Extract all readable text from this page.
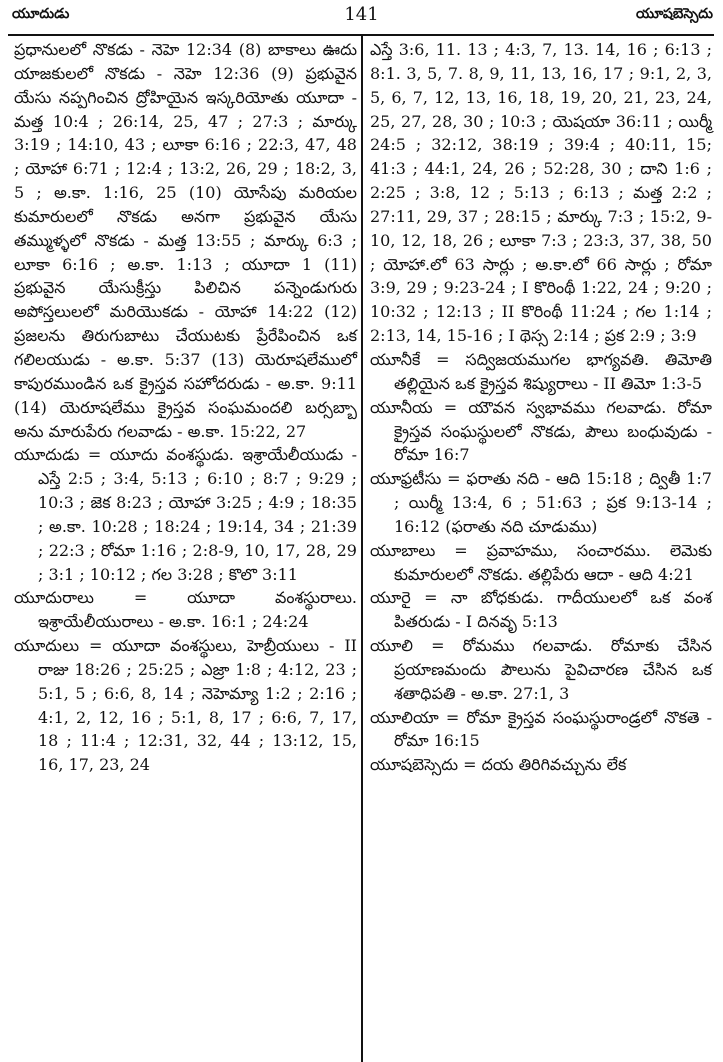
యూదుడు	141	యూషబెస్సెదు

ప్రధానులలో నొకడు - నెహె 12:34 (8) బాకాలు ఊదు యాజకులలో నొకడు - నెహె 12:36 (9) ప్రభువైన యేసు నప్పగించిన ద్రోహియైన ఇస్కరియోతు యూదా - మత్త 10:4 ; 26:14, 25, 47 ; 27:3 ; మార్కు 3:19 ; 14:10, 43 ; లూకా 6:16 ; 22:3, 47, 48 ; యోహా 6:71 ; 12:4 ; 13:2, 26, 29 ; 18:2, 3, 5 ; అ.కా. 1:16, 25 (10) యోసేపు మరియల కుమారులలో నొకడు అనగా ప్రభువైన యేసు తమ్ముళ్ళలో నొకడు - మత్త 13:55 ; మార్కు 6:3 ; లూకా 6:16 ; అ.కా. 1:13 ; యూదా 1 (11) ప్రభువైన యేసుక్రీస్తు పిలిచిన పన్నెండుగురు అపోస్తలులలో మరియొకడు - యోహా 14:22 (12) ప్రజలను తిరుగుబాటు చేయుటకు ప్రేరేపించిన ఒక గలిలయుడు - అ.కా. 5:37 (13) యెరూషలేములో కాపురముండిన ఒక క్రైస్తవ సహోదరుడు - అ.కా. 9:11 (14) యెరూషలేము క్రైస్తవ సంఘమందలి బర్సబ్బా అను మారుపేరు గలవాడు - అ.కా. 15:22, 27

యూదుడు = యూదు వంశస్థుడు. ఇశ్రాయేలీయుడు - ఎస్తే 2:5 ; 3:4, 5:13 ; 6:10 ; 8:7 ; 9:29 ; 10:3 ; జెక 8:23 ; యోహా 3:25 ; 4:9 ; 18:35 ; అ.కా. 10:28 ; 18:24 ; 19:14, 34 ; 21:39 ; 22:3 ; రోమా 1:16 ; 2:8-9, 10, 17, 28, 29 ; 3:1 ; 10:12 ; గల 3:28 ; కొలొ 3:11

యూదురాలు = యూదా వంశస్థురాలు. ఇశ్రాయేలీయురాలు - అ.కా. 16:1 ; 24:24

యూదులు = యూదా వంశస్థులు, హెబ్రీయులు - II రాజు 18:26 ; 25:25 ; ఎజ్రా 1:8 ; 4:12, 23 ; 5:1, 5 ; 6:6, 8, 14 ; నెహెమ్యా 1:2 ; 2:16 ; 4:1, 2, 12, 16 ; 5:1, 8, 17 ; 6:6, 7, 17, 18 ; 11:4 ; 12:31, 32, 44 ; 13:12, 15, 16, 17, 23, 24

ఎస్తే 3:6, 11. 13 ; 4:3, 7, 13. 14, 16 ; 6:13 ; 8:1. 3, 5, 7. 8, 9, 11, 13, 16, 17 ; 9:1, 2, 3, 5, 6, 7, 12, 13, 16, 18, 19, 20, 21, 23, 24, 25, 27, 28, 30 ; 10:3 ; యెషయా 36:11 ; యిర్మీ 24:5 ; 32:12, 38:19 ; 39:4 ; 40:11, 15; 41:3 ; 44:1, 24, 26 ; 52:28, 30 ; దాని 1:6 ; 2:25 ; 3:8, 12 ; 5:13 ; 6:13 ; మత్త 2:2 ; 27:11, 29, 37 ; 28:15 ; మార్కు 7:3 ; 15:2, 9-10, 12, 18, 26 ; లూకా 7:3 ; 23:3, 37, 38, 50 ; యోహా.లో 63 సార్లు ; అ.కా.లో 66 సార్లు ; రోమా 3:9, 29 ; 9:23-24 ; I కొరింథీ 1:22, 24 ; 9:20 ; 10:32 ; 12:13 ; II కొరింథీ 11:24 ; గల 1:14 ; 2:13, 14, 15-16 ; I థెస్స 2:14 ; ప్రక 2:9 ; 3:9

యూనీకే = సద్విజయముగల భాగ్యవతి. తిమోతి తల్లియైన ఒక క్రైస్తవ శిష్యురాలు - II తిమో 1:3-5

యూనీయ = యౌవన స్వభావము గలవాడు. రోమా క్రైస్తవ సంఘస్థులలో నొకడు, పౌలు బంధువుడు - రోమా 16:7

యూఫ్రటీసు = ఫరాతు నది - ఆది 15:18 ; ద్వితీ 1:7 ; యిర్మీ 13:4, 6 ; 51:63 ; ప్రక 9:13-14 ; 16:12 (ఫరాతు నది చూడుము)

యూబాలు = ప్రవాహము, సంచారము. లెమెకు కుమారులలో నొకడు. తల్లిపేరు ఆదా - ఆది 4:21

యూరై = నా బోధకుడు. గాదీయులలో ఒక వంశ పితరుడు - I దినవృ 5:13

యూలి = రోమము గలవాడు. రోమాకు చేసిన ప్రయాణమందు పౌలును పైవిచారణ చేసిన ఒక శతాధిపతి - అ.కా. 27:1, 3

యూలియా = రోమా క్రైస్తవ సంఘస్థురాండ్రలో నొకతె - రోమా 16:15

యూషబెస్సెదు = దయ తిరిగివచ్చును లేక
